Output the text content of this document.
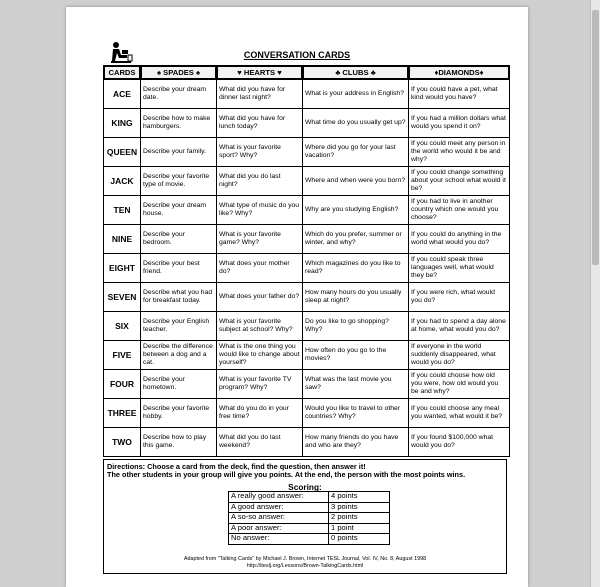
CONVERSATION CARDS
CARDS	♠ SPADES ♠	♥ HEARTS ♥	♣ CLUBS ♣	♦DIAMONDS♦
ACE	Describe your dream date.	What did you have for dinner last night?	What is your address in English?	If you could have a pet, what kind would you have?
KING	Describe how to make hamburgers.	What did you have for lunch today?	What time do you usually get up?	If you had a million dollars what would you spend it on?
QUEEN	Describe your family.	What is your favorite sport? Why?	Where did you go for your last vacation?	If you could meet any person in the world who would it be and why?
JACK	Describe your favorite type of movie.	What did you do last night?	Where and when were you born?	If you could change something about your school what would it be?
TEN	Describe your dream house.	What type of music do you like? Why?	Why are you studying English?	If you had to live in another country which one would you choose?
NINE	Describe your bedroom.	What is your favorite game? Why?	Which do you prefer, summer or winter, and why?	If you could do anything in the world what would you do?
EIGHT	Describe your best friend.	What does your mother do?	Which magazines do you like to read?	If you could speak three languages well, what would they be?
SEVEN	Describe what you had for breakfast today.	What does your father do?	How many hours do you usually sleep at night?	If you were rich, what would you do?
SIX	Describe your English teacher.	What is your favorite subject at school? Why?	Do you like to go shopping? Why?	If you had to spend a day alone at home, what would you do?
FIVE	Describe the difference between a dog and a cat.	What is the one thing you would like to change about yourself?	How often do you go to the movies?	If everyone in the world suddenly disappeared, what would you do?
FOUR	Describe your hometown.	What is your favorite TV program? Why?	What was the last movie you saw?	If you could choose how old you were, how old would you be and why?
THREE	Describe your favorite hobby.	What do you do in your free time?	Would you like to travel to other countries? Why?	If you could choose any meal you wanted, what would it be?
TWO	Describe how to play this game.	What did you do last weekend?	How many friends do you have and who are they?	If you found $100,000 what would you do?
Directions: Choose a card from the deck, find the question, then answer it!
The other students in your group will give you points. At the end, the person with the most points wins.
Scoring:
A really good answer:	4 points
A good answer:	3 points
A so-so answer:	2 points
A poor answer:	1 point
No answer:	0 points
Adapted from "Talking Cards" by Michael J. Brown, Internet TESL Journal, Vol. IV, No. 8, August 1998
http://iteslj.org/Lessons/Brown-TalkingCards.html
